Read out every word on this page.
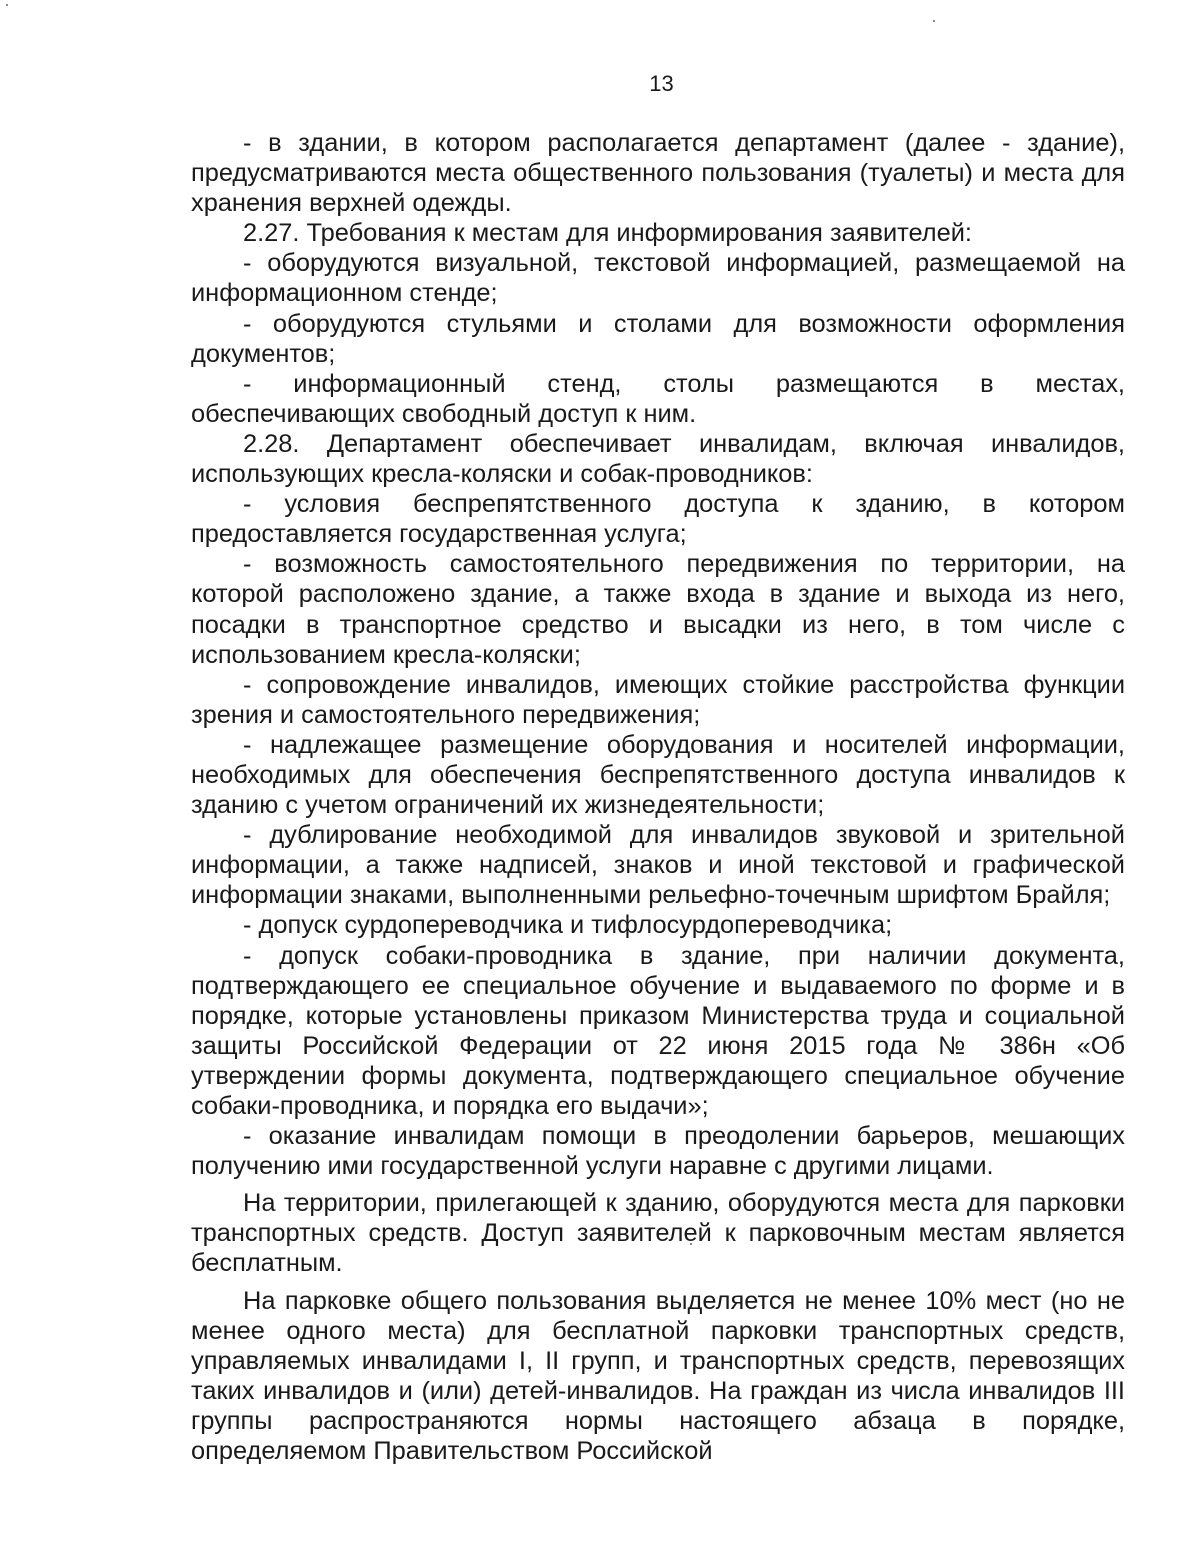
13

- в здании, в котором располагается департамент (далее - здание), предусматриваются места общественного пользования (туалеты) и места для хранения верхней одежды.

2.27. Требования к местам для информирования заявителей:

- оборудуются визуальной, текстовой информацией, размещаемой на информационном стенде;

- оборудуются стульями и столами для возможности оформления документов;

- информационный стенд, столы размещаются в местах, обеспечивающих свободный доступ к ним.

2.28. Департамент обеспечивает инвалидам, включая инвалидов, использующих кресла-коляски и собак-проводников:

- условия беспрепятственного доступа к зданию, в котором предоставляется государственная услуга;

- возможность самостоятельного передвижения по территории, на которой расположено здание, а также входа в здание и выхода из него, посадки в транспортное средство и высадки из него, в том числе с использованием кресла-коляски;

- сопровождение инвалидов, имеющих стойкие расстройства функции зрения и самостоятельного передвижения;

- надлежащее размещение оборудования и носителей информации, необходимых для обеспечения беспрепятственного доступа инвалидов к зданию с учетом ограничений их жизнедеятельности;

- дублирование необходимой для инвалидов звуковой и зрительной информации, а также надписей, знаков и иной текстовой и графической информации знаками, выполненными рельефно-точечным шрифтом Брайля;

- допуск сурдопереводчика и тифлосурдопереводчика;

- допуск собаки-проводника в здание, при наличии документа, подтверждающего ее специальное обучение и выдаваемого по форме и в порядке, которые установлены приказом Министерства труда и социальной защиты Российской Федерации от 22 июня 2015 года № 386н «Об утверждении формы документа, подтверждающего специальное обучение собаки-проводника, и порядка его выдачи»;

- оказание инвалидам помощи в преодолении барьеров, мешающих получению ими государственной услуги наравне с другими лицами.

На территории, прилегающей к зданию, оборудуются места для парковки транспортных средств. Доступ заявителей к парковочным местам является бесплатным.

На парковке общего пользования выделяется не менее 10% мест (но не менее одного места) для бесплатной парковки транспортных средств, управляемых инвалидами I, II групп, и транспортных средств, перевозящих таких инвалидов и (или) детей-инвалидов. На граждан из числа инвалидов III группы распространяются нормы настоящего абзаца в порядке, определяемом Правительством Российской
